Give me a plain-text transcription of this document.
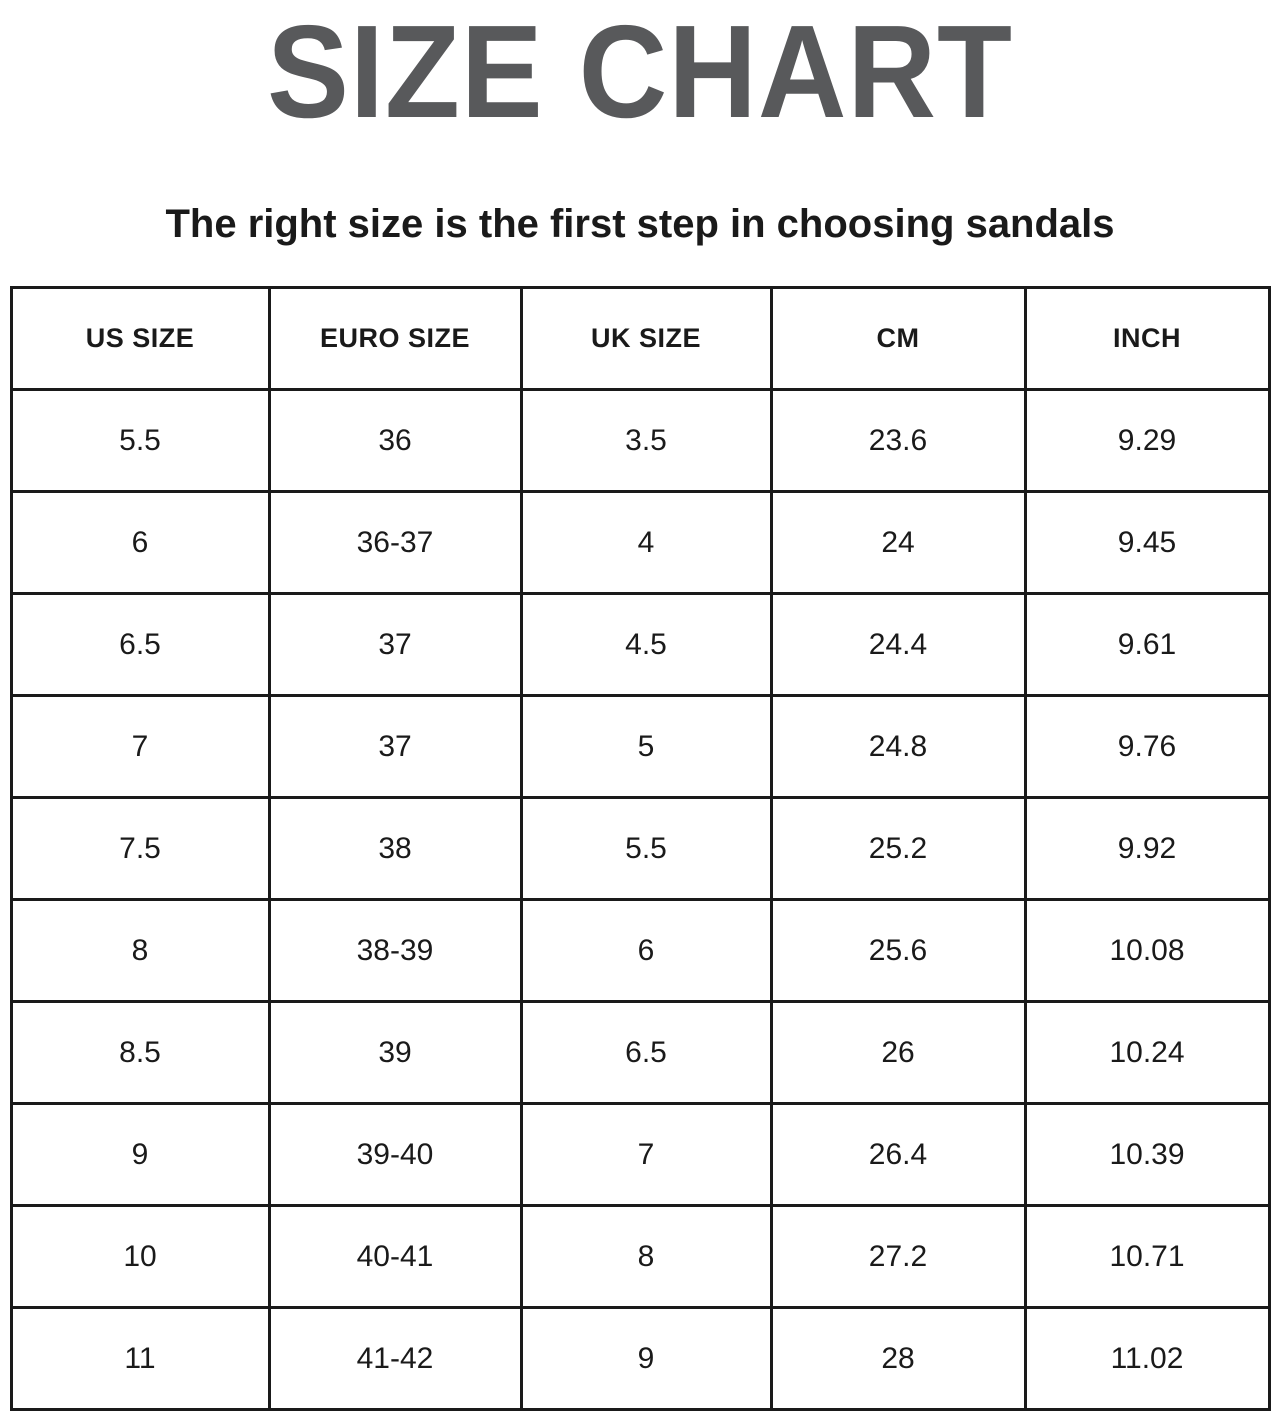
SIZE CHART
The right size is the first step in choosing sandals
US SIZE	EURO SIZE	UK SIZE	CM	INCH
5.5	36	3.5	23.6	9.29
6	36-37	4	24	9.45
6.5	37	4.5	24.4	9.61
7	37	5	24.8	9.76
7.5	38	5.5	25.2	9.92
8	38-39	6	25.6	10.08
8.5	39	6.5	26	10.24
9	39-40	7	26.4	10.39
10	40-41	8	27.2	10.71
11	41-42	9	28	11.02
